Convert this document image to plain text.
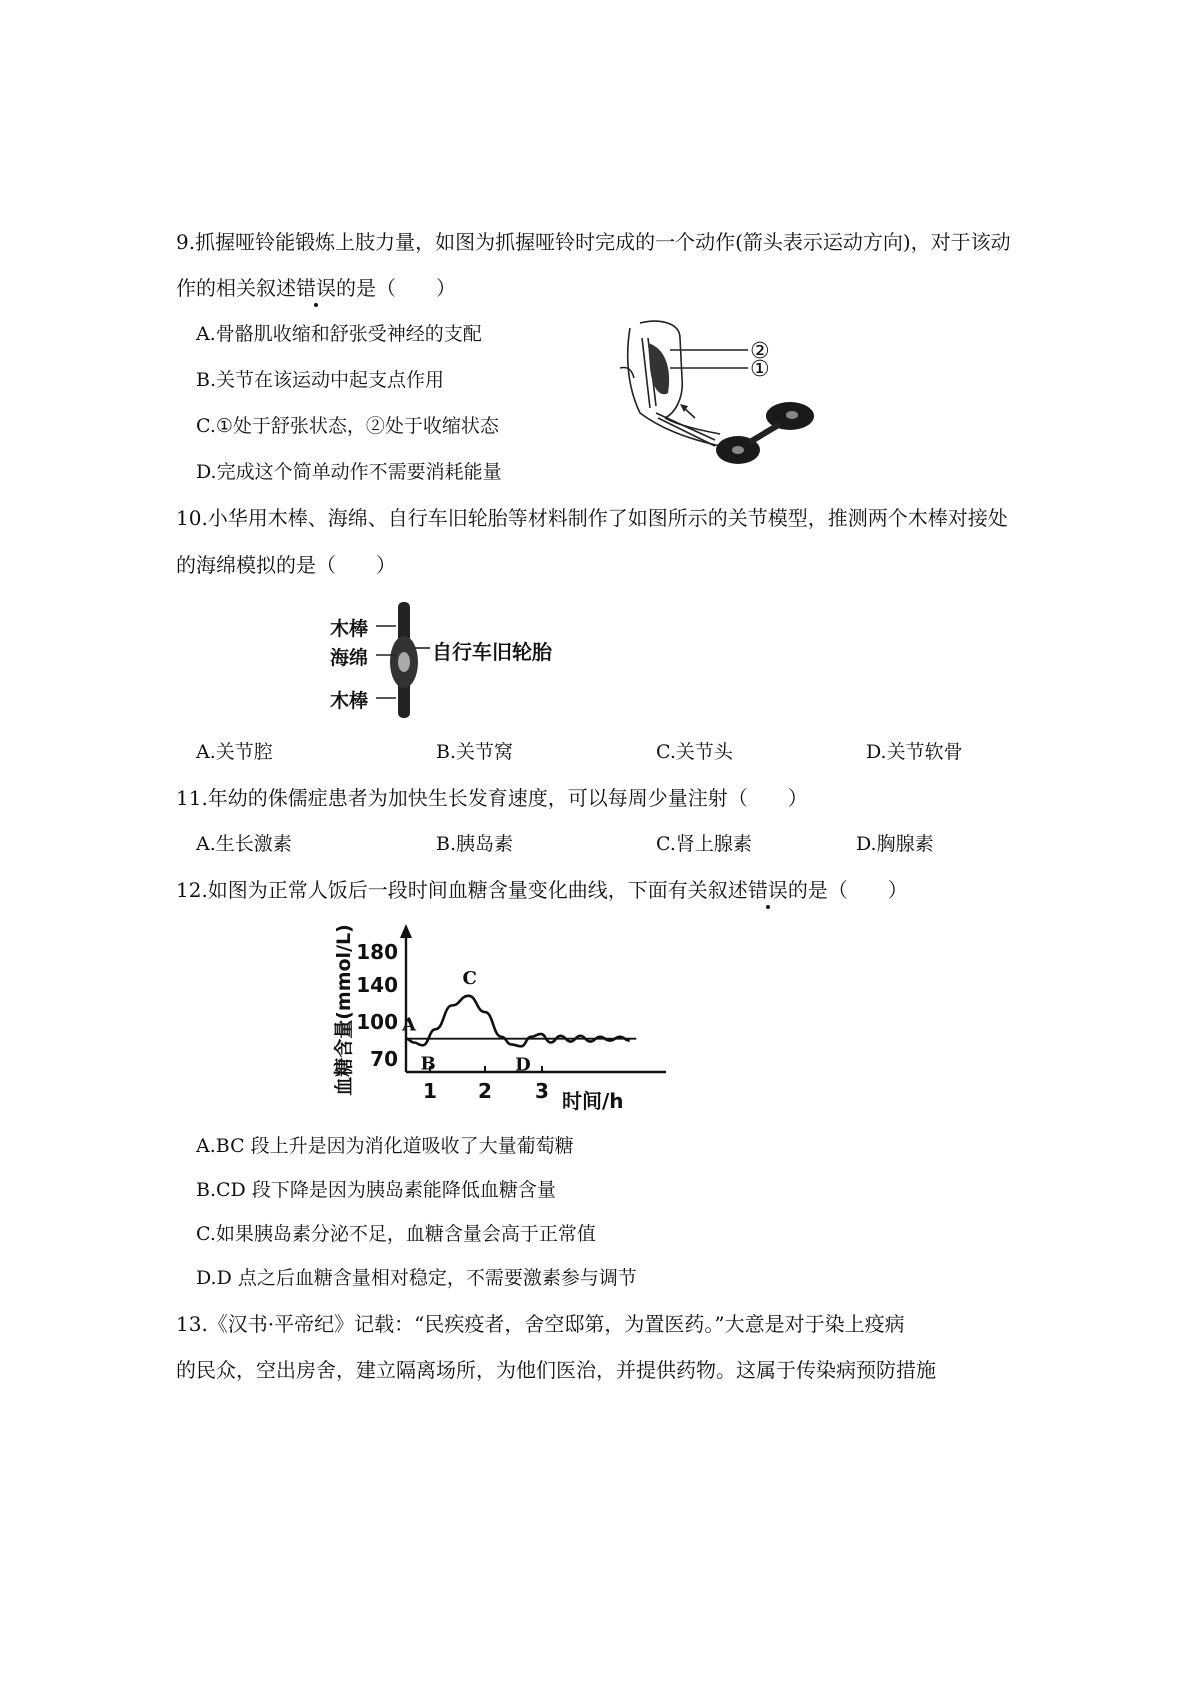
9.抓握哑铃能锻炼上肢力量，如图为抓握哑铃时完成的一个动作(箭头表示运动方向)，对于该动
作的相关叙述错误的是（　　）
A.骨骼肌收缩和舒张受神经的支配
B.关节在该运动中起支点作用
C.①处于舒张状态，②处于收缩状态
D.完成这个简单动作不需要消耗能量
②
①
10.小华用木棒、海绵、自行车旧轮胎等材料制作了如图所示的关节模型，推测两个木棒对接处
的海绵模拟的是（　　）
木棒
海绵
木棒
自行车旧轮胎
A.关节腔	B.关节窝	C.关节头	D.关节软骨
11.年幼的侏儒症患者为加快生长发育速度，可以每周少量注射（　　）
A.生长激素	B.胰岛素	C.肾上腺素	D.胸腺素
12.如图为正常人饭后一段时间血糖含量变化曲线，下面有关叙述错误的是（　　）
70
100
140
180
1 2 3 时间/h
血糖含量(mmol/L)	A
B
C
D
A.BC 段上升是因为消化道吸收了大量葡萄糖
B.CD 段下降是因为胰岛素能降低血糖含量
C.如果胰岛素分泌不足，血糖含量会高于正常值
D.D 点之后血糖含量相对稳定，不需要激素参与调节
13.《汉书·平帝纪》记载：“民疾疫者，舍空邸第，为置医药。”大意是对于染上疫病
的民众，空出房舍，建立隔离场所，为他们医治，并提供药物。这属于传染病预防措施
